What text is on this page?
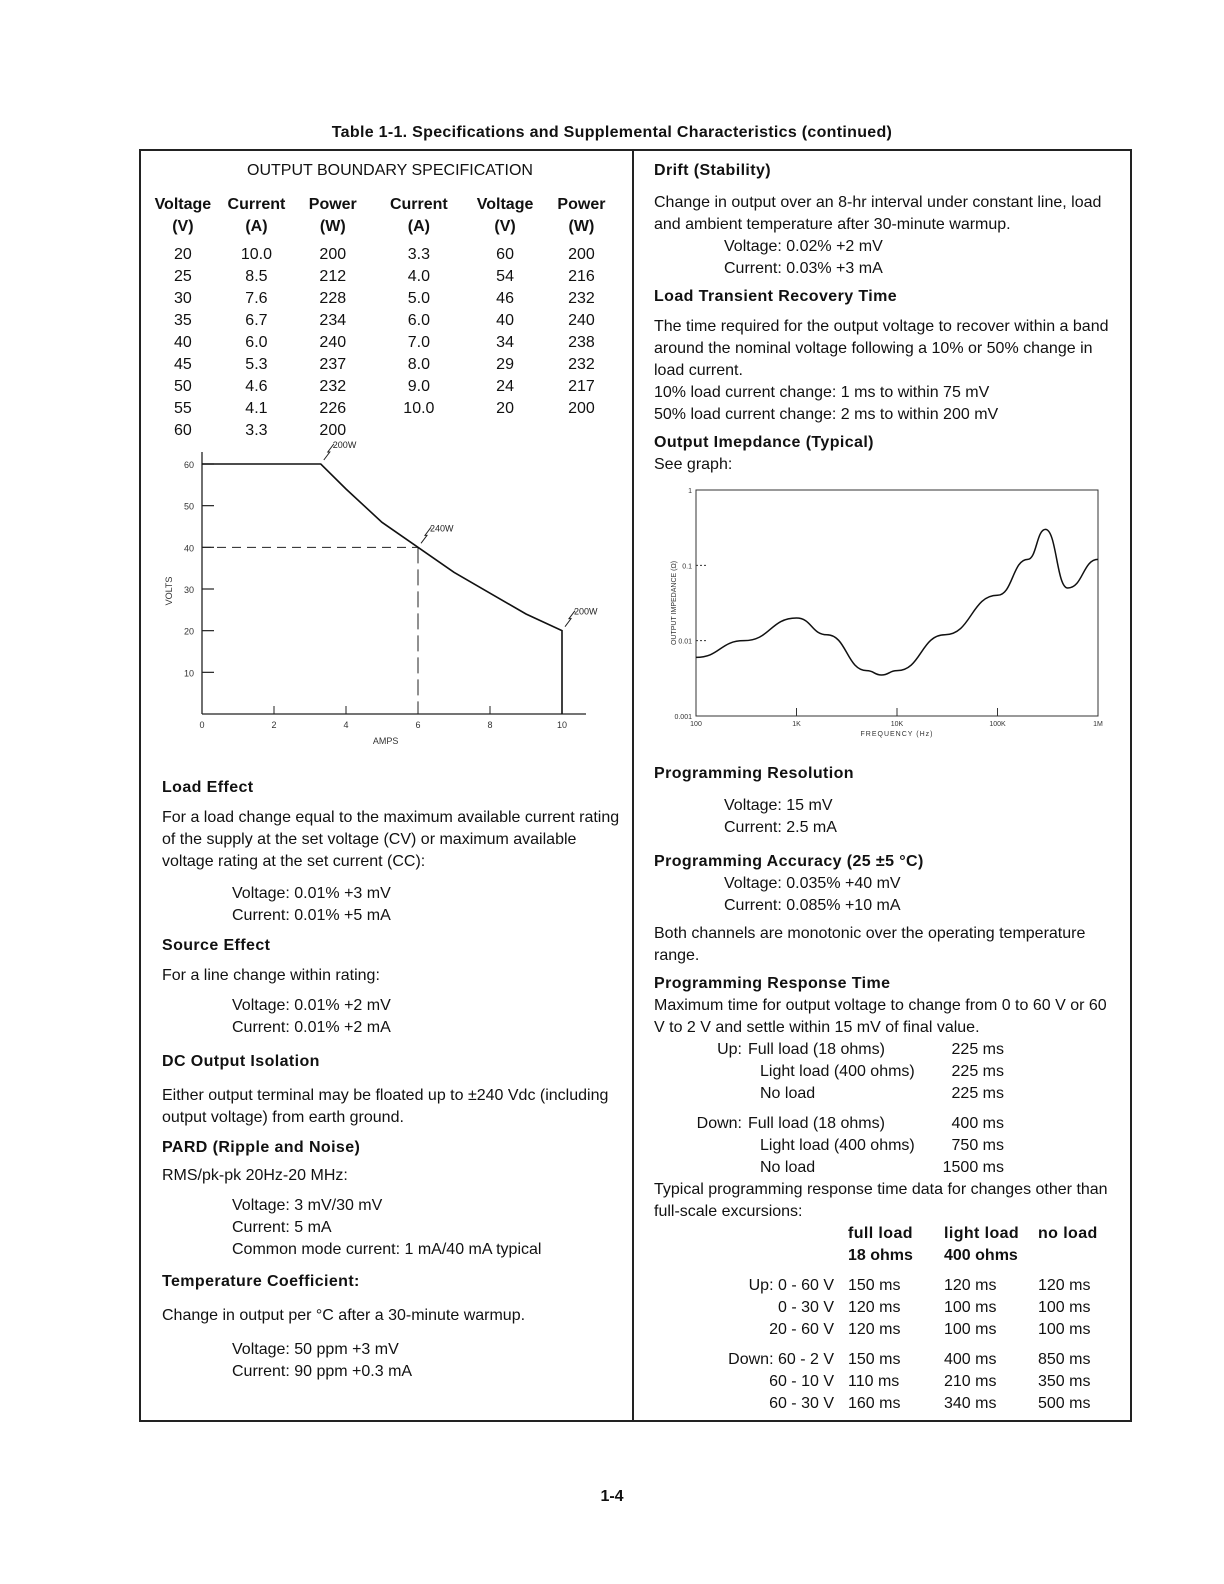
Table 1-1. Specifications and Supplemental Characteristics (continued)
OUTPUT BOUNDARY SPECIFICATION
Voltage	Current	Power	Current	Voltage	Power
(V)	(A)	(W)	(A)	(V)	(W)

20	10.0	200	3.3	60	200
25	8.5	212	4.0	54	216
30	7.6	228	5.0	46	232
35	6.7	234	6.0	40	240
40	6.0	240	7.0	34	238
45	5.3	237	8.0	29	232
50	4.6	232	9.0	24	217
55	4.1	226	10.0	20	200
60	3.3	200			
10
20
30
40
50
60
0	2	4	6	8	10
AMPS
VOLTS
200W
240W
200W

Load Effect

For a load change equal to the maximum available current rating of the supply at the set voltage (CV) or maximum available voltage rating at the set current (CC):

Voltage: 0.01% +3 mV

Current: 0.01% +5 mA

Source Effect

For a line change within rating:

Voltage: 0.01% +2 mV

Current: 0.01% +2 mA

DC Output Isolation

Either output terminal may be floated up to ±240 Vdc (including output voltage) from earth ground.

PARD (Ripple and Noise)

RMS/pk-pk 20Hz-20 MHz:

Voltage: 3 mV/30 mV

Current: 5 mA

Common mode current: 1 mA/40 mA typical

Temperature Coefficient:

Change in output per °C after a 30-minute warmup.

Voltage: 50 ppm +3 mV

Current: 90 ppm +0.3 mA

Drift (Stability)

Change in output over an 8-hr interval under constant line, load and ambient temperature after 30-minute warmup.

Voltage: 0.02% +2 mV

Current: 0.03% +3 mA

Load Transient Recovery Time

The time required for the output voltage to recover within a band around the nominal voltage following a 10% or 50% change in load current.

10% load current change: 1 ms to within 75 mV

50% load current change: 2 ms to within 200 mV

Output Imepdance (Typical)

See graph:

1
0.1
0.01
0.001
100	1K	10K	100K	1M
FREQUENCY (Hz)
OUTPUT IMPEDANCE (Ω)

Programming Resolution

Voltage: 15 mV

Current: 2.5 mA

Programming Accuracy (25 ±5 °C)

Voltage: 0.035% +40 mV

Current: 0.085% +10 mA

Both channels are monotonic over the operating temperature range.

Programming Response Time

Maximum time for output voltage to change from 0 to 60 V or 60 V to 2 V and settle within 15 mV of final value.

Up:	Full load (18 ohms)	225 ms
	Light load (400 ohms)	225 ms
	No load	225 ms
Down:	Full load (18 ohms)	400 ms
	Light load (400 ohms)	750 ms
	No load	1500 ms

Typical programming response time data for changes other than full-scale excursions:

	full load	light load	no load
	18 ohms	400 ohms	

Up: 0 - 60 V	150 ms	120 ms	120 ms
0 - 30 V	120 ms	100 ms	100 ms
20 - 60 V	120 ms	100 ms	100 ms
Down: 60 - 2 V	150 ms	400 ms	850 ms
60 - 10 V	110 ms	210 ms	350 ms
60 - 30 V	160 ms	340 ms	500 ms
1-4
